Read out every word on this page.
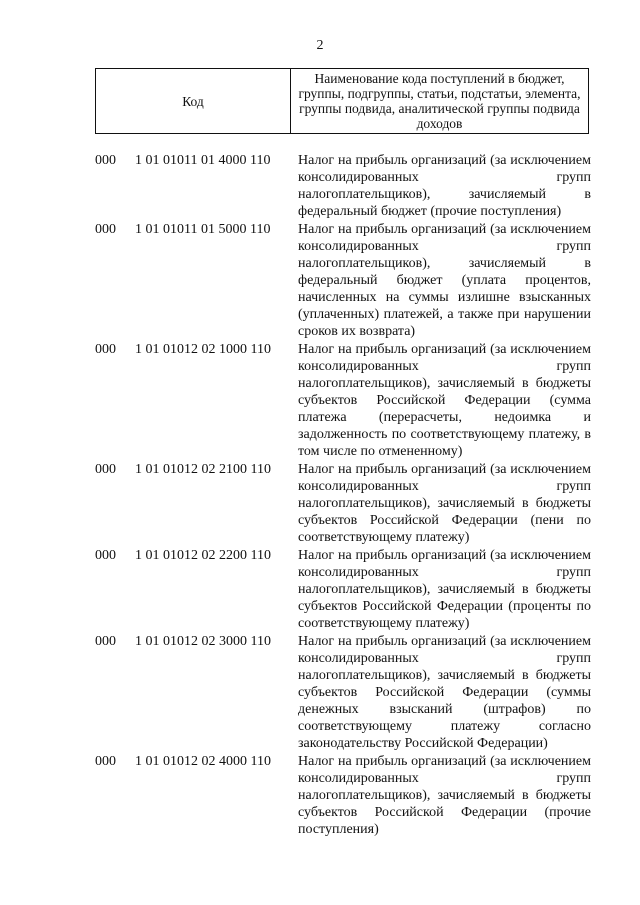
2
Код	Наименование кода поступлений в бюджет, группы, подгруппы, статьи, подстатьи, элемента, группы подвида, аналитической группы подвида доходов
000	1 01 01011 01 4000 110	Налог на прибыль организаций (за исключением консолидированных групп налогоплательщиков), зачисляемый в федеральный бюджет (прочие поступления)
000	1 01 01011 01 5000 110	Налог на прибыль организаций (за исключением консолидированных групп налогоплательщиков), зачисляемый в федеральный бюджет (уплата процентов, начисленных на суммы излишне взысканных (уплаченных) платежей, а также при нарушении сроков их возврата)
000	1 01 01012 02 1000 110	Налог на прибыль организаций (за исключением консолидированных групп налогоплательщиков), зачисляемый в бюджеты субъектов Российской Федерации (сумма платежа (перерасчеты, недоимка и задолженность по соответствующему платежу, в том числе по отмененному)
000	1 01 01012 02 2100 110	Налог на прибыль организаций (за исключением консолидированных групп налогоплательщиков), зачисляемый в бюджеты субъектов Российской Федерации (пени по соответствующему платежу)
000	1 01 01012 02 2200 110	Налог на прибыль организаций (за исключением консолидированных групп налогоплательщиков), зачисляемый в бюджеты субъектов Российской Федерации (проценты по соответствующему платежу)
000	1 01 01012 02 3000 110	Налог на прибыль организаций (за исключением консолидированных групп налогоплательщиков), зачисляемый в бюджеты субъектов Российской Федерации (суммы денежных взысканий (штрафов) по соответствующему платежу согласно законодательству Российской Федерации)
000	1 01 01012 02 4000 110	Налог на прибыль организаций (за исключением консолидированных групп налогоплательщиков), зачисляемый в бюджеты субъектов Российской Федерации (прочие поступления)
